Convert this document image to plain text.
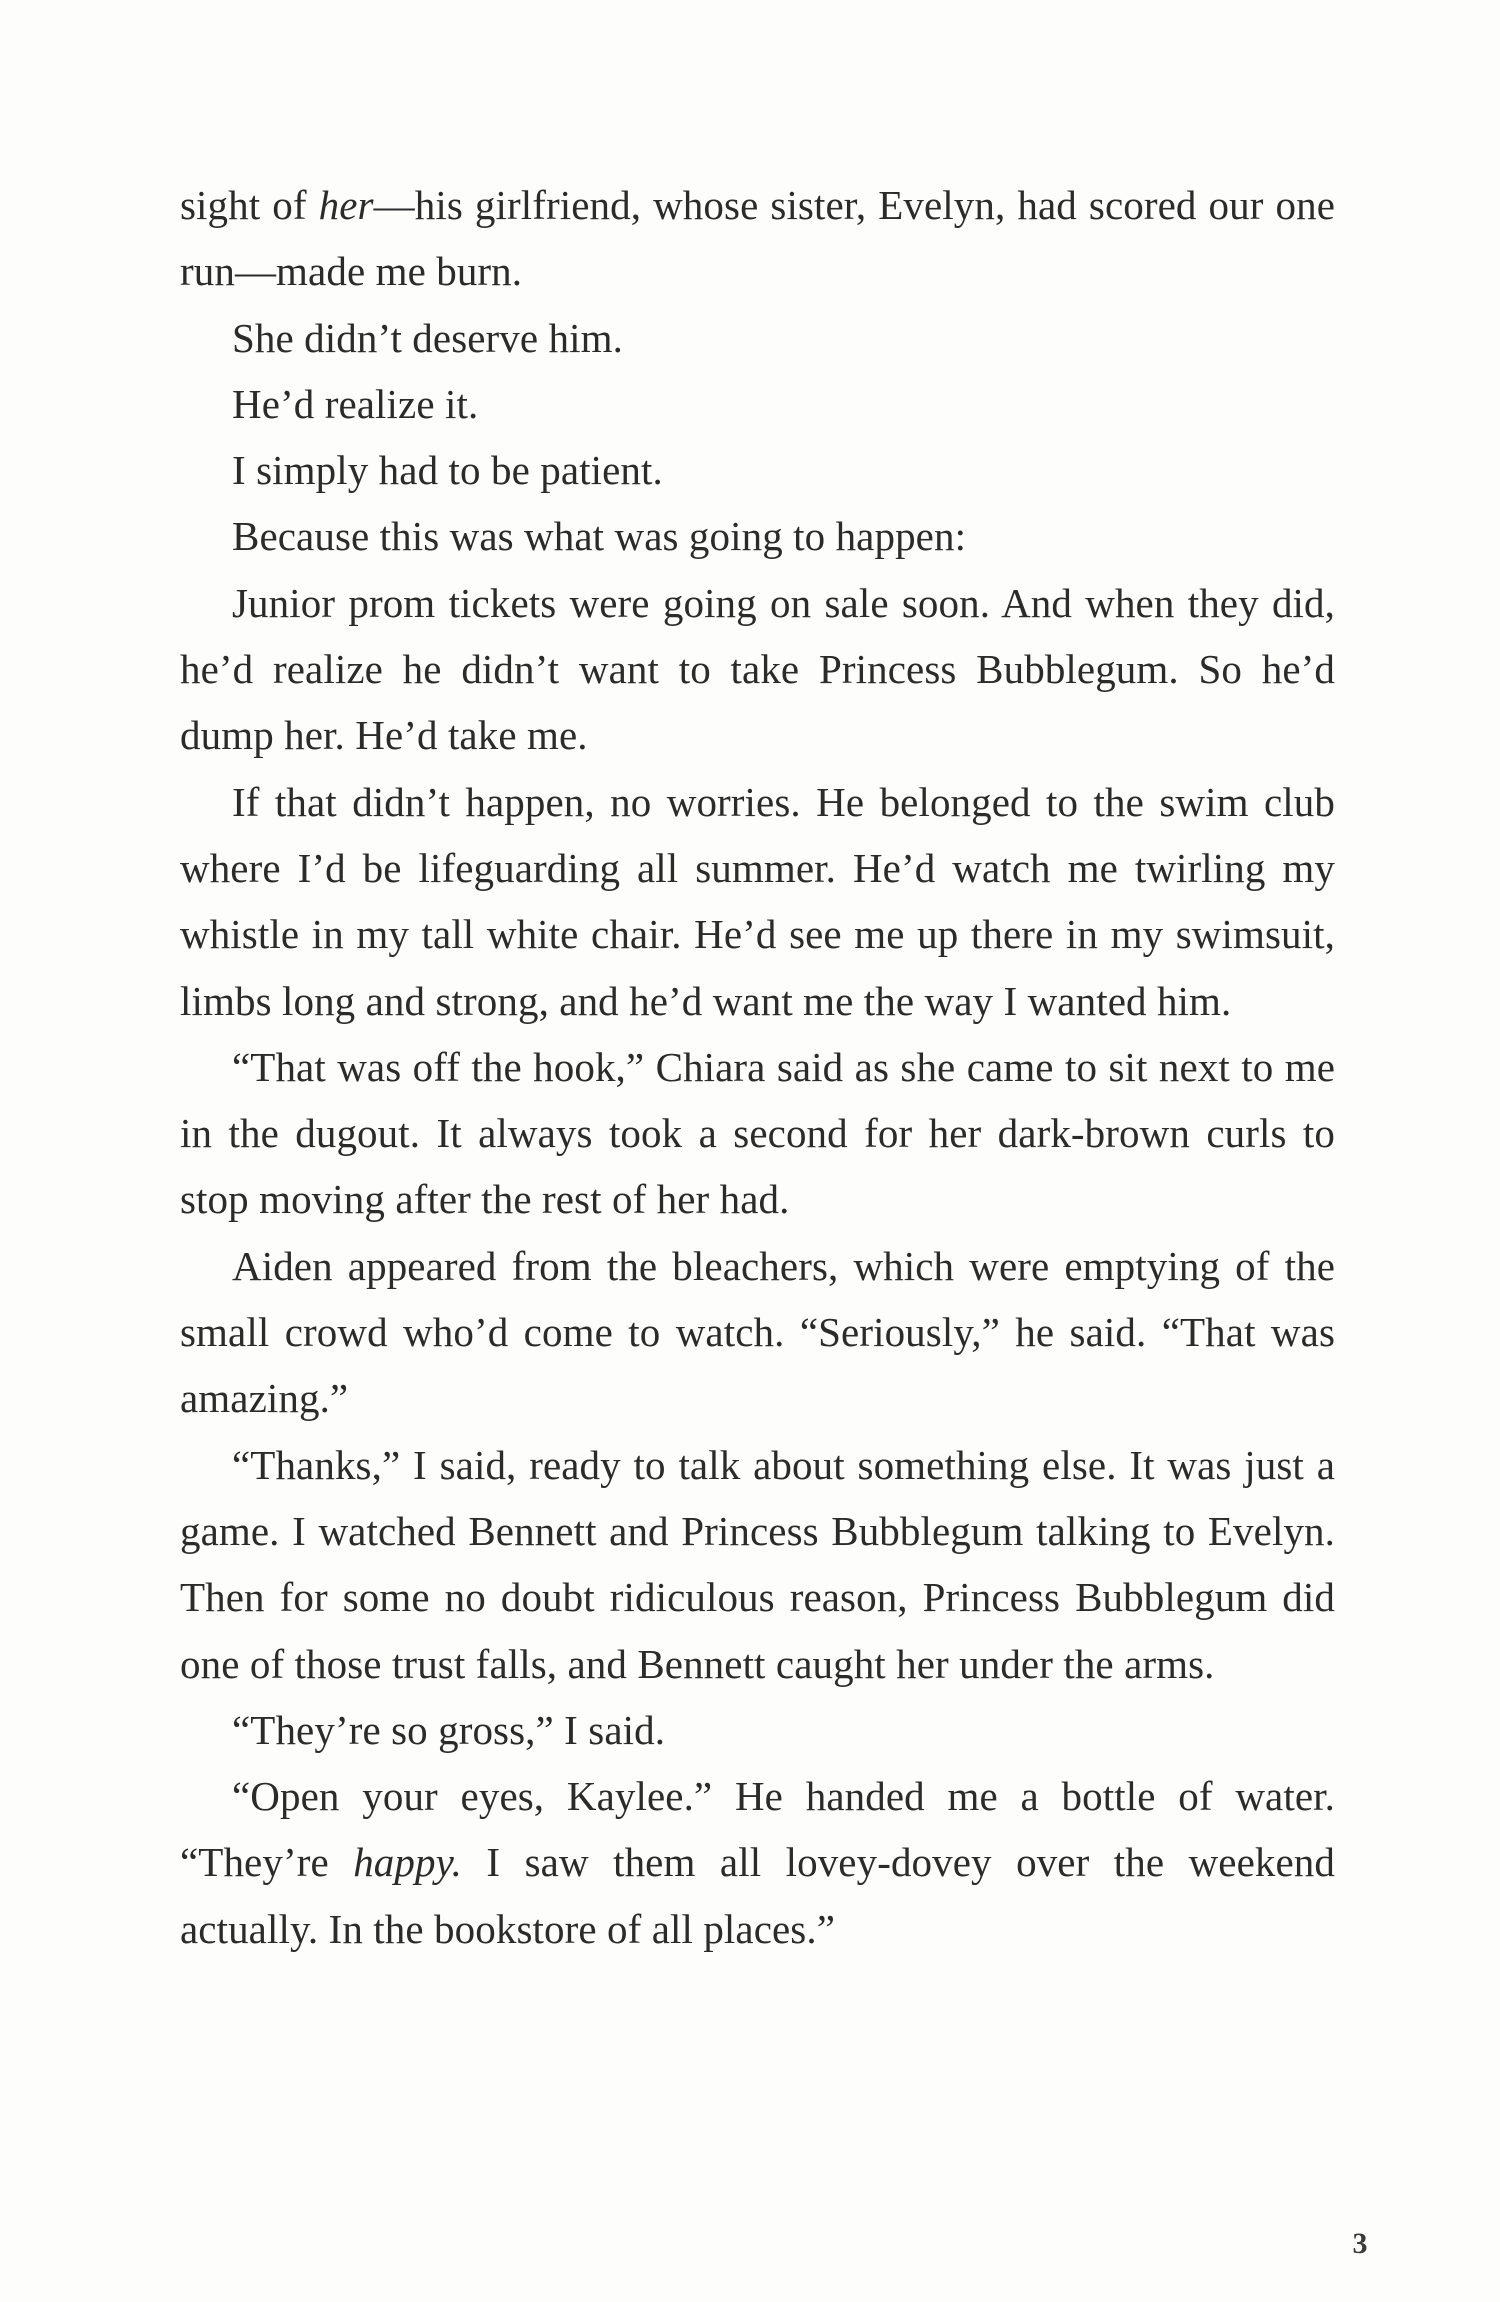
sight of her—his girlfriend, whose sister, Evelyn, had scored our one run—made me burn.

She didn’t deserve him.

He’d realize it.

I simply had to be patient.

Because this was what was going to happen:

Junior prom tickets were going on sale soon. And when they did, he’d realize he didn’t want to take Princess Bubblegum. So he’d dump her. He’d take me.

If that didn’t happen, no worries. He belonged to the swim club where I’d be lifeguarding all summer. He’d watch me twirling my whistle in my tall white chair. He’d see me up there in my swimsuit, limbs long and strong, and he’d want me the way I wanted him.

“That was off the hook,” Chiara said as she came to sit next to me in the dugout. It always took a second for her dark-brown curls to stop moving after the rest of her had.

Aiden appeared from the bleachers, which were emptying of the small crowd who’d come to watch. “Seriously,” he said. “That was amazing.”

“Thanks,” I said, ready to talk about something else. It was just a game. I watched Bennett and Princess Bubblegum talking to Evelyn. Then for some no doubt ridiculous reason, Princess Bubblegum did one of those trust falls, and Bennett caught her under the arms.

“They’re so gross,” I said.

“Open your eyes, Kaylee.” He handed me a bottle of water. “They’re happy. I saw them all lovey-dovey over the weekend actually. In the bookstore of all places.”

3
